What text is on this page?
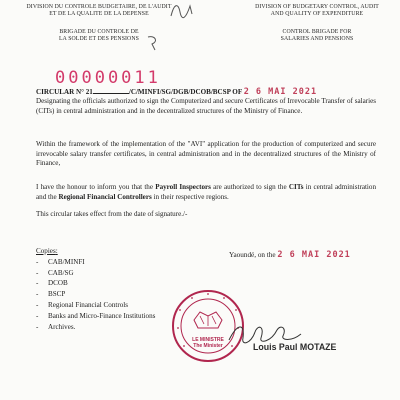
DIVISION DU CONTROLE BUDGETAIRE, DE L'AUDIT
ET DE LA QUALITE DE LA DEPENSE
BRIGADE DU CONTROLE DE
LA SOLDE ET DES PENSIONS
DIVISION OF BUDGETARY CONTROL, AUDIT
AND QUALITY OF EXPENDITURE
CONTROL BRIGADE FOR
SALARIES AND PENSIONS
00000011
CIRCULAR N° 21	/C/MINFI/SG/DGB/DCOB/BCSP OF 2 6 MAI 2021
Designating the officials authorized to sign the Computerized and secure Certificates of Irrevocable Transfer of salaries (CITs) in central administration and in the decentralized structures of the Ministry of Finance.
Within the framework of the implementation of the "AVI" application for the production of computerized and secure irrevocable salary transfer certificates, in central administration and in the decentralized structures of the Ministry of Finance,
I have the honour to inform you that the Payroll Inspectors are authorized to sign the CITs in central administration and the Regional Financial Controllers in their respective regions.
This circular takes effect from the date of signature./-
Yaoundé, on the 2 6 MAI 2021
Copies:
- CAB/MINFI
- CAB/SG
- DCOB
- BSCP
- Regional Financial Controls
- Banks and Micro-Finance Institutions
- Archives.
LE MINISTRE
The Minister	Louis Paul MOTAZE
